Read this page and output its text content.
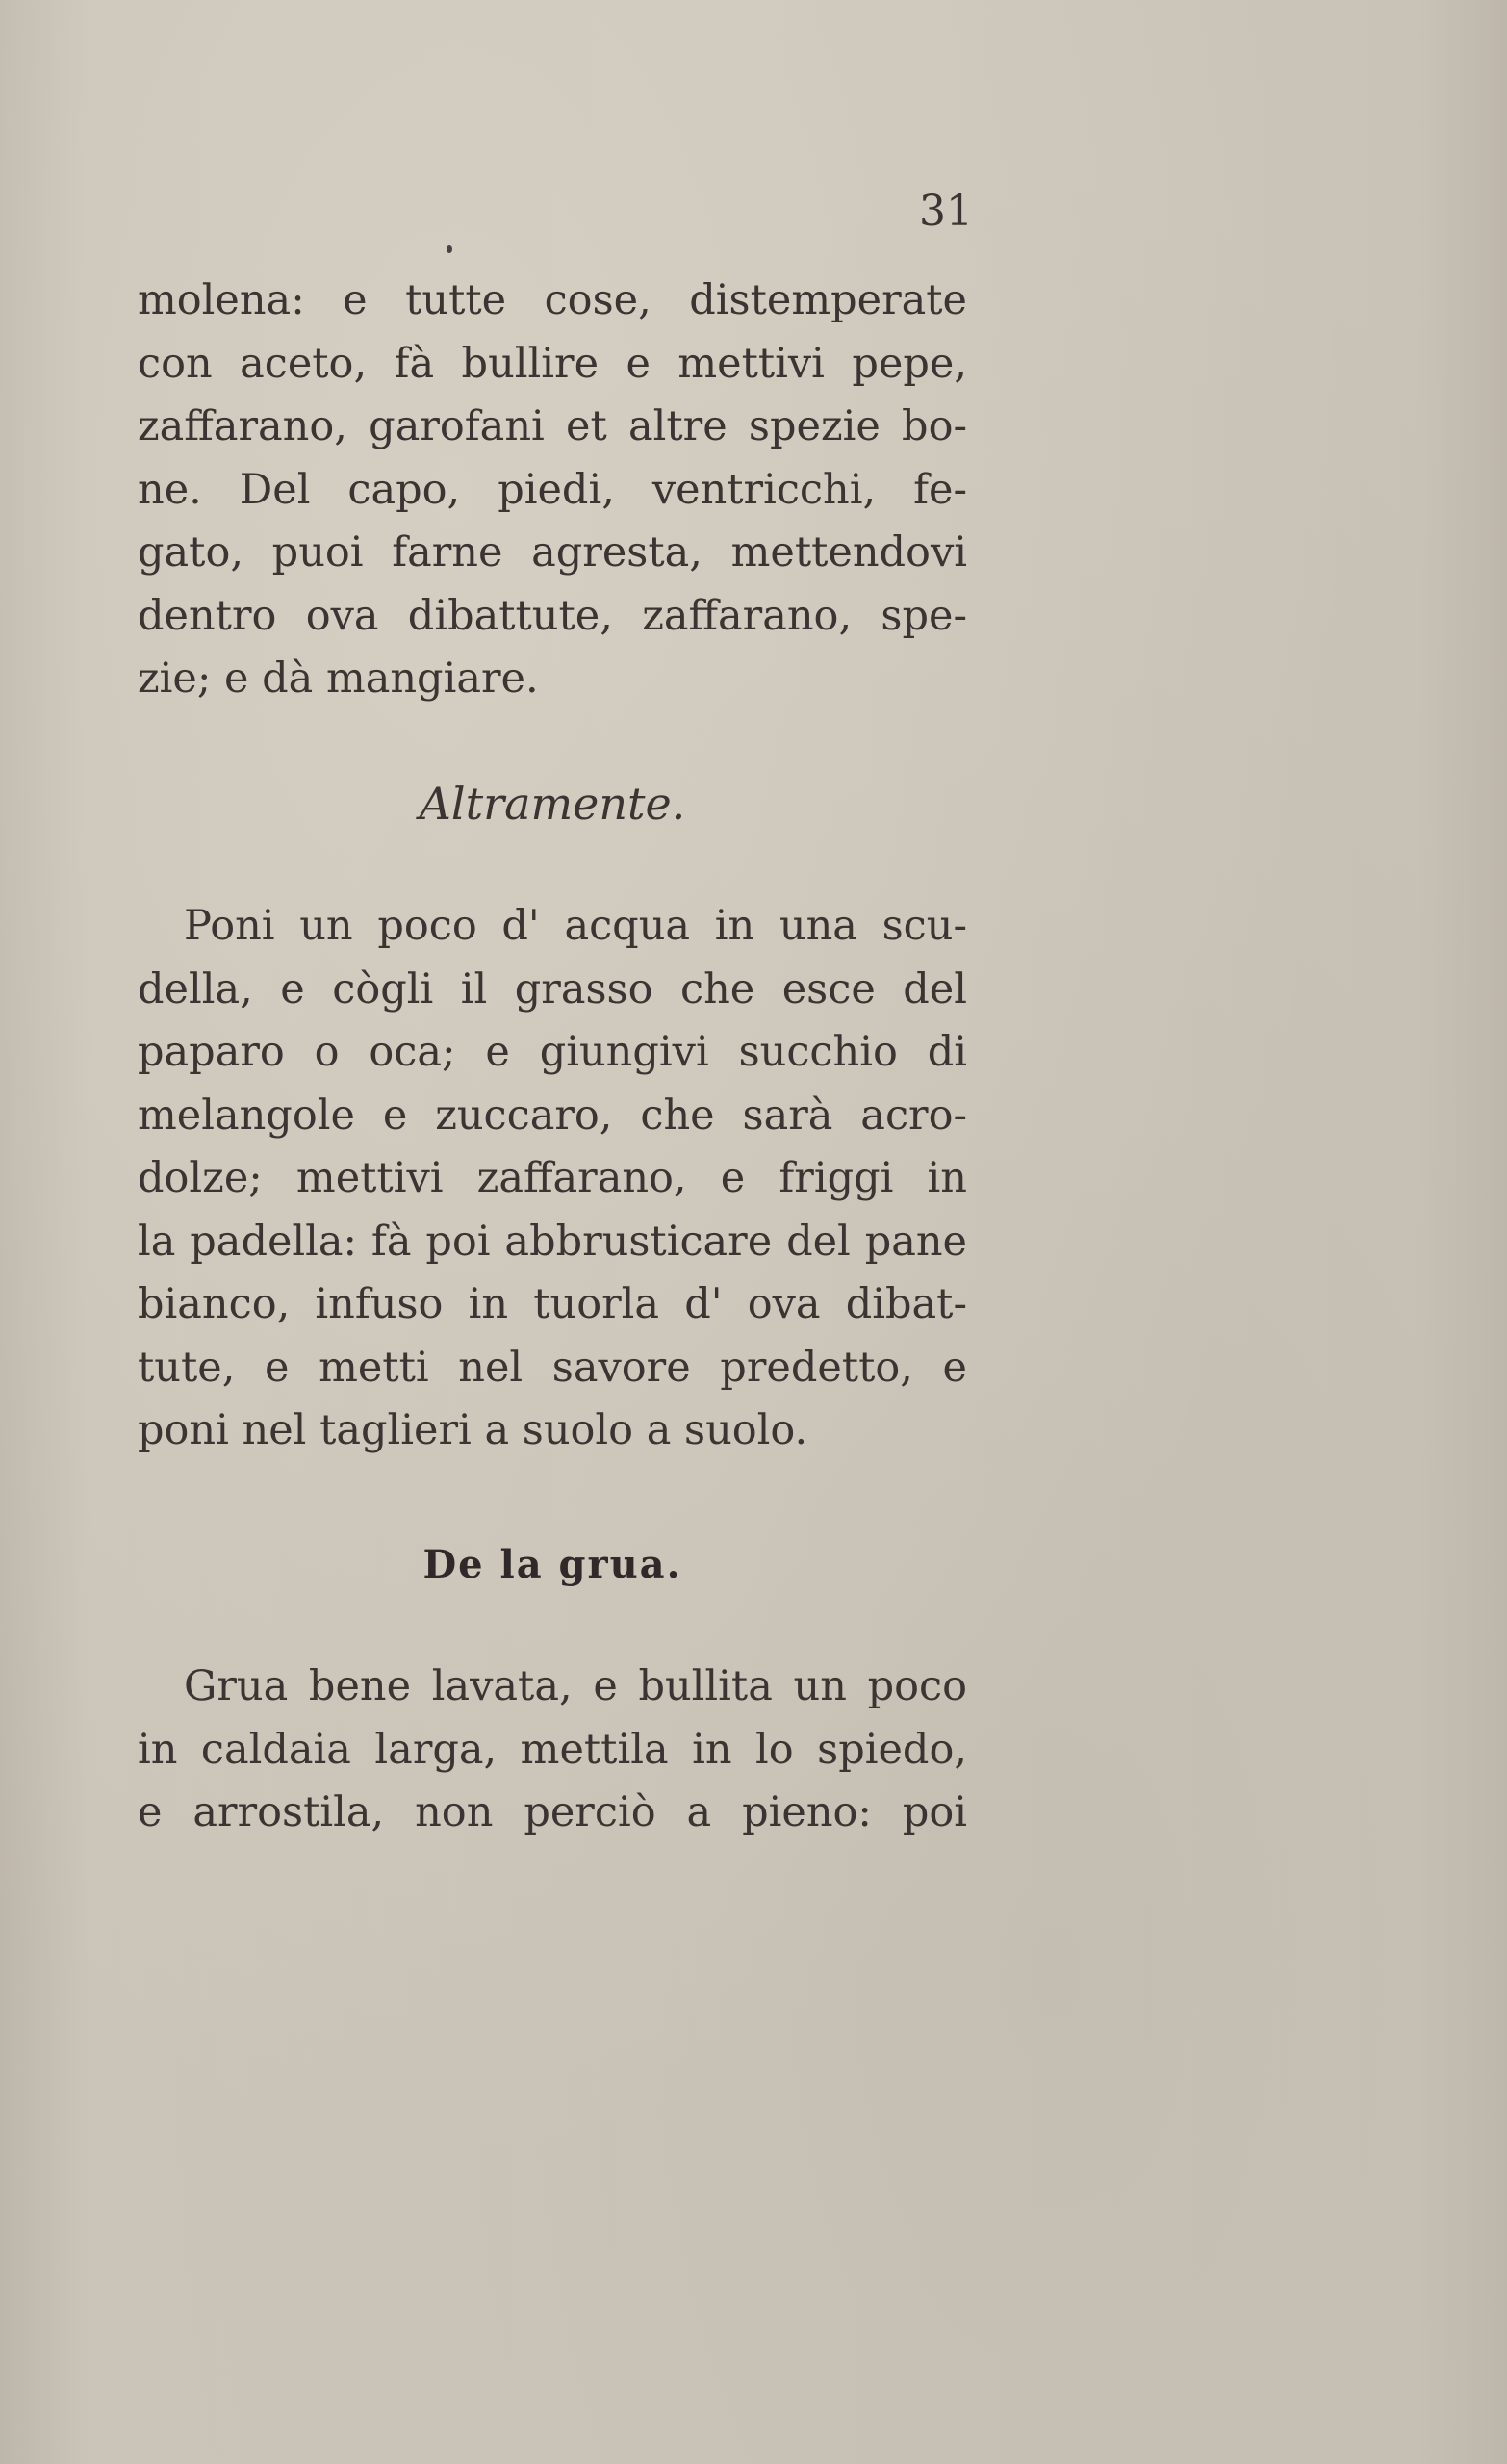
31
molena: e tutte cose, distemperate
con aceto, fà bullire e mettivi pepe,
zaffarano, garofani et altre spezie bo-
ne. Del capo, piedi, ventricchi, fe-
gato, puoi farne agresta, mettendovi
dentro ova dibattute, zaffarano, spe-
zie; e dà mangiare.
Altramente.
Poni un poco d' acqua in una scu-
della, e cògli il grasso che esce del
paparo o oca; e giungivi succhio di
melangole e zuccaro, che sarà acro-
dolze; mettivi zaffarano, e friggi in
la padella: fà poi abbrusticare del pane
bianco, infuso in tuorla d' ova dibat-
tute, e metti nel savore predetto, e
poni nel taglieri a suolo a suolo.
De la grua.
Grua bene lavata, e bullita un poco
in caldaia larga, mettila in lo spiedo,
e arrostila, non perciò a pieno: poi
